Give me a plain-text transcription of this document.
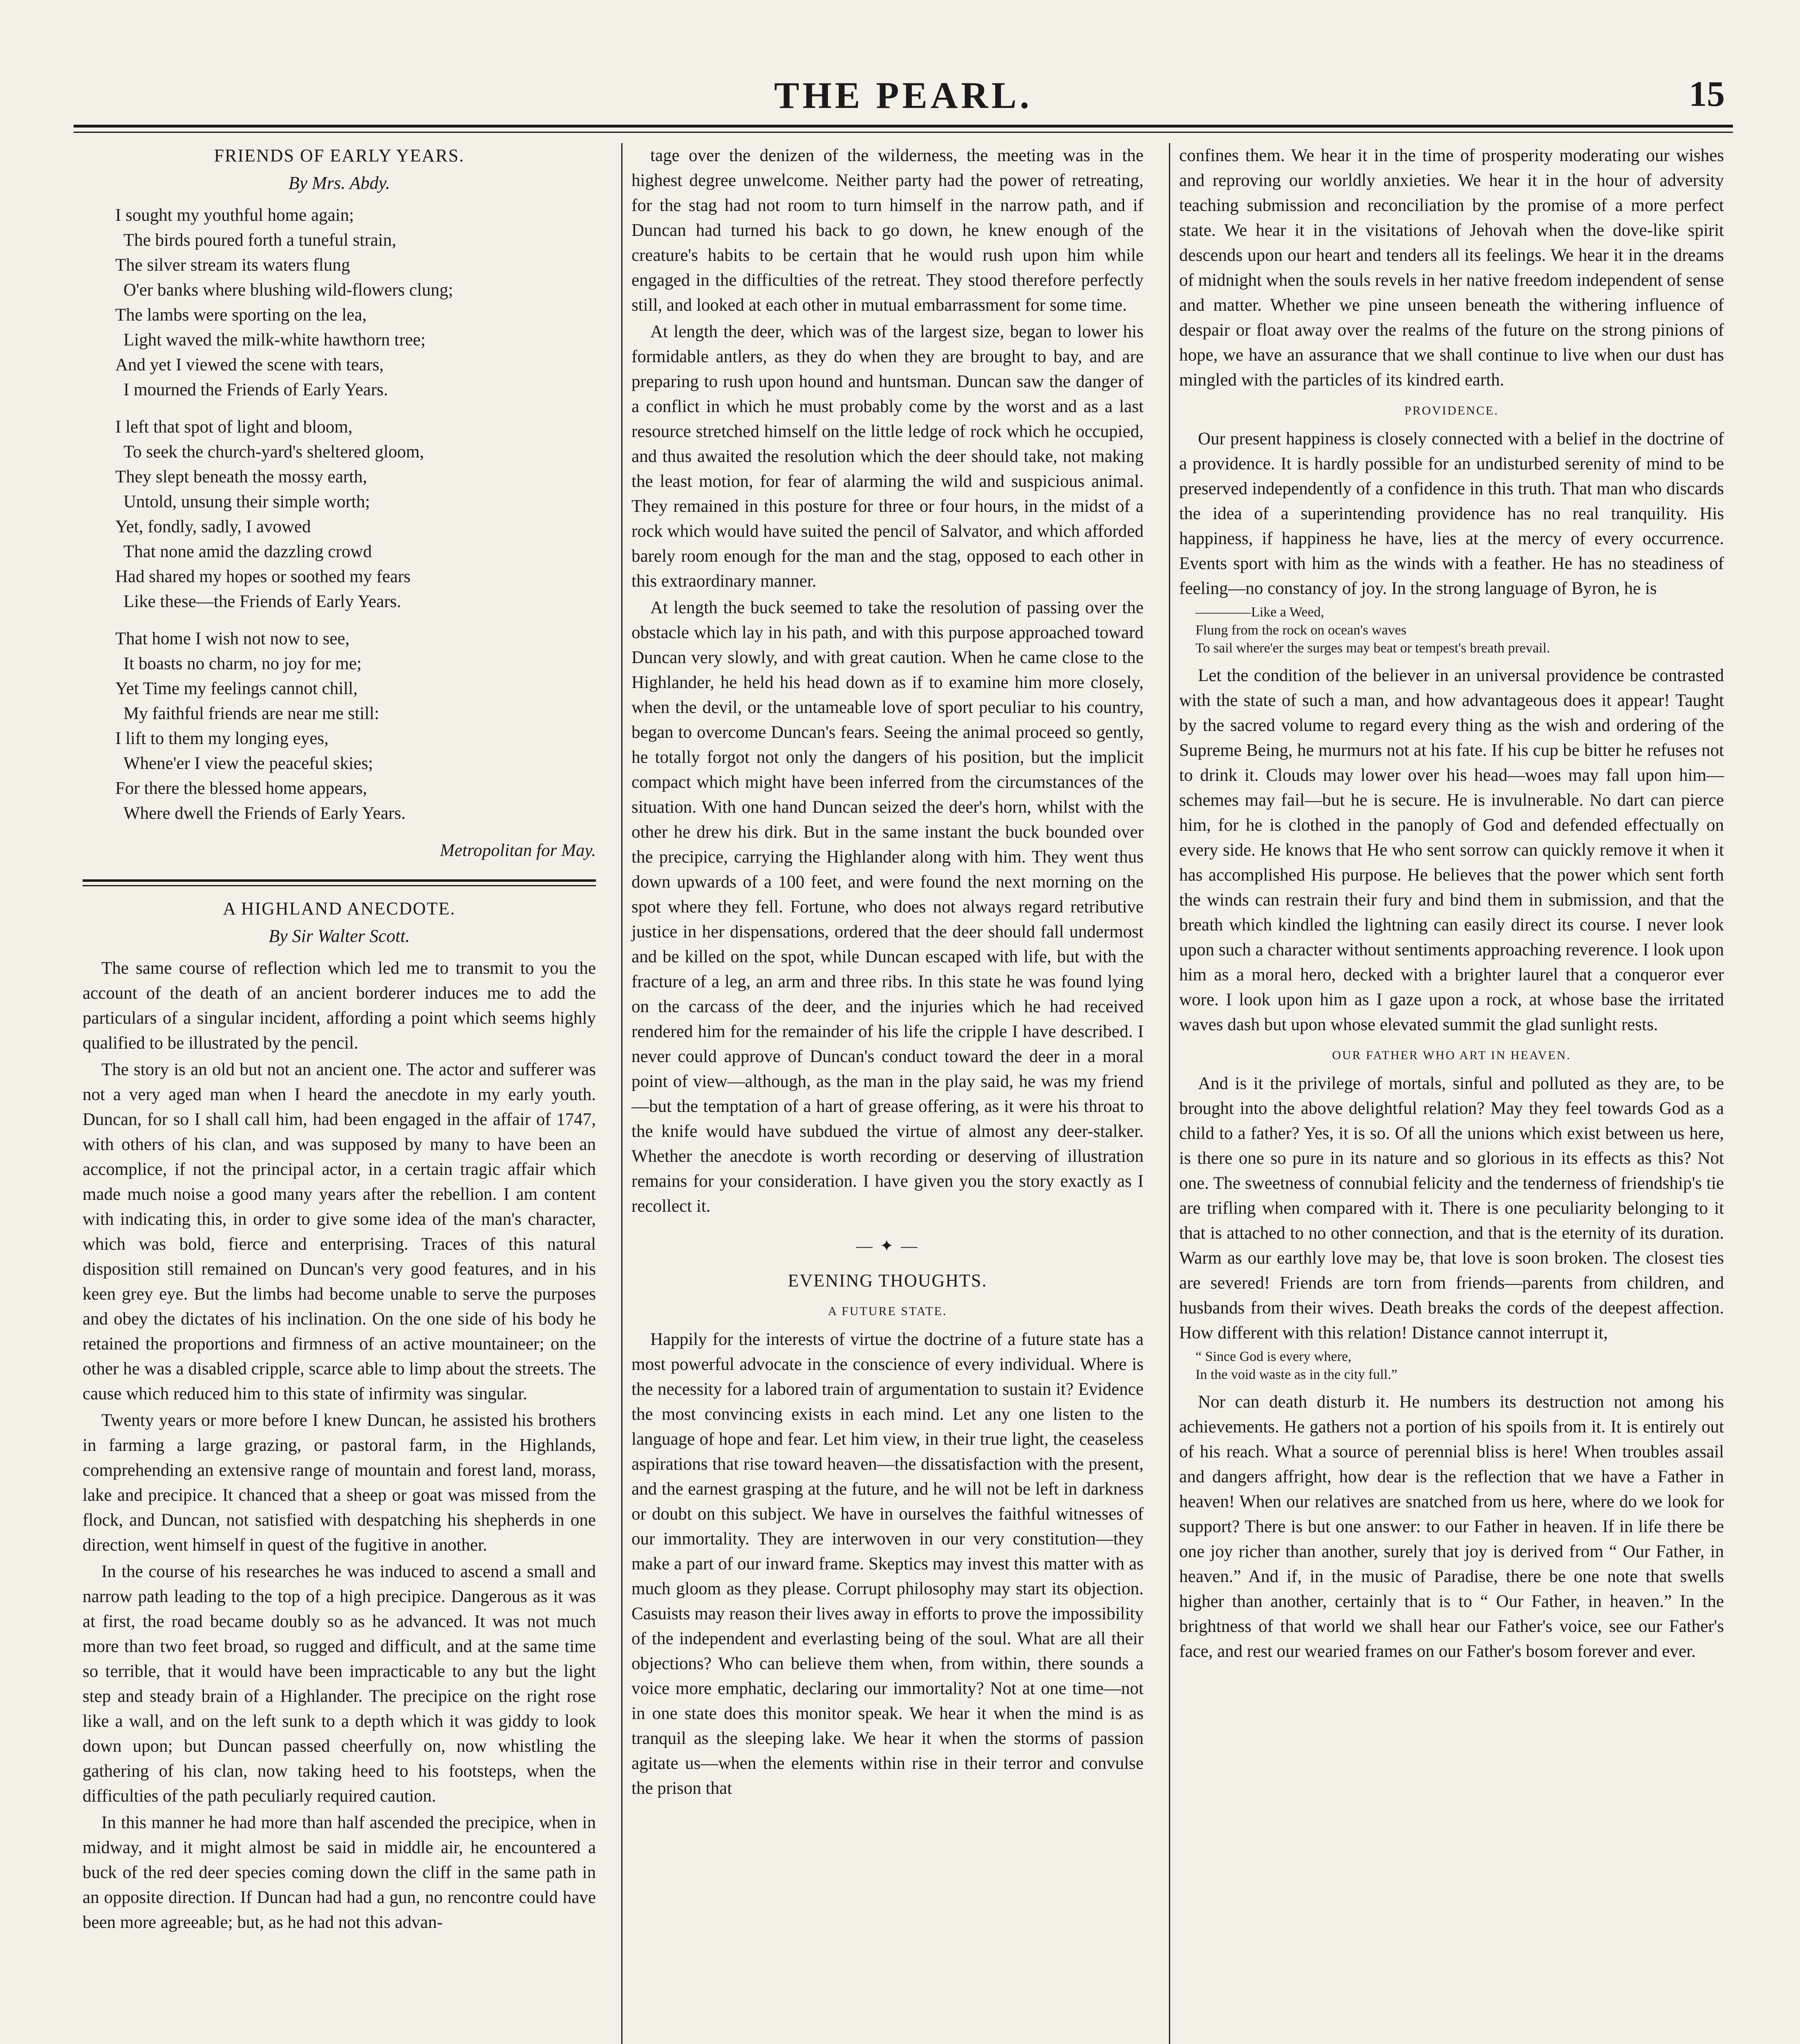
THE PEARL.	15
FRIENDS OF EARLY YEARS.
By Mrs. Abdy.
I sought my youthful home again;
The birds poured forth a tuneful strain,
The silver stream its waters flung
O'er banks where blushing wild-flowers clung;
The lambs were sporting on the lea,
Light waved the milk-white hawthorn tree;
And yet I viewed the scene with tears,
I mourned the Friends of Early Years.
I left that spot of light and bloom,
To seek the church-yard's sheltered gloom,
They slept beneath the mossy earth,
Untold, unsung their simple worth;
Yet, fondly, sadly, I avowed
That none amid the dazzling crowd
Had shared my hopes or soothed my fears
Like these—the Friends of Early Years.
That home I wish not now to see,
It boasts no charm, no joy for me;
Yet Time my feelings cannot chill,
My faithful friends are near me still:
I lift to them my longing eyes,
Whene'er I view the peaceful skies;
For there the blessed home appears,
Where dwell the Friends of Early Years.
Metropolitan for May.
A HIGHLAND ANECDOTE.
By Sir Walter Scott.

The same course of reflection which led me to transmit to you the account of the death of an ancient borderer induces me to add the particulars of a singular incident, affording a point which seems highly qualified to be illustrated by the pencil.

The story is an old but not an ancient one. The actor and sufferer was not a very aged man when I heard the anecdote in my early youth. Duncan, for so I shall call him, had been engaged in the affair of 1747, with others of his clan, and was supposed by many to have been an accomplice, if not the principal actor, in a certain tragic affair which made much noise a good many years after the rebellion. I am content with indicating this, in order to give some idea of the man's character, which was bold, fierce and enterprising. Traces of this natural disposition still remained on Duncan's very good features, and in his keen grey eye. But the limbs had become unable to serve the purposes and obey the dictates of his inclination. On the one side of his body he retained the proportions and firmness of an active mountaineer; on the other he was a disabled cripple, scarce able to limp about the streets. The cause which reduced him to this state of infirmity was singular.

Twenty years or more before I knew Duncan, he assisted his brothers in farming a large grazing, or pastoral farm, in the Highlands, comprehending an extensive range of mountain and forest land, morass, lake and precipice. It chanced that a sheep or goat was missed from the flock, and Duncan, not satisfied with despatching his shepherds in one direction, went himself in quest of the fugitive in another.

In the course of his researches he was induced to ascend a small and narrow path leading to the top of a high precipice. Dangerous as it was at first, the road became doubly so as he advanced. It was not much more than two feet broad, so rugged and difficult, and at the same time so terrible, that it would have been impracticable to any but the light step and steady brain of a Highlander. The precipice on the right rose like a wall, and on the left sunk to a depth which it was giddy to look down upon; but Duncan passed cheerfully on, now whistling the gathering of his clan, now taking heed to his footsteps, when the difficulties of the path peculiarly required caution.

In this manner he had more than half ascended the precipice, when in midway, and it might almost be said in middle air, he encountered a buck of the red deer species coming down the cliff in the same path in an opposite direction. If Duncan had had a gun, no rencontre could have been more agreeable; but, as he had not this advan-

tage over the denizen of the wilderness, the meeting was in the highest degree unwelcome. Neither party had the power of retreating, for the stag had not room to turn himself in the narrow path, and if Duncan had turned his back to go down, he knew enough of the creature's habits to be certain that he would rush upon him while engaged in the difficulties of the retreat. They stood therefore perfectly still, and looked at each other in mutual embarrassment for some time.

At length the deer, which was of the largest size, began to lower his formidable antlers, as they do when they are brought to bay, and are preparing to rush upon hound and huntsman. Duncan saw the danger of a conflict in which he must probably come by the worst and as a last resource stretched himself on the little ledge of rock which he occupied, and thus awaited the resolution which the deer should take, not making the least motion, for fear of alarming the wild and suspicious animal. They remained in this posture for three or four hours, in the midst of a rock which would have suited the pencil of Salvator, and which afforded barely room enough for the man and the stag, opposed to each other in this extraordinary manner.

At length the buck seemed to take the resolution of passing over the obstacle which lay in his path, and with this purpose approached toward Duncan very slowly, and with great caution. When he came close to the Highlander, he held his head down as if to examine him more closely, when the devil, or the untameable love of sport peculiar to his country, began to overcome Duncan's fears. Seeing the animal proceed so gently, he totally forgot not only the dangers of his position, but the implicit compact which might have been inferred from the circumstances of the situation. With one hand Duncan seized the deer's horn, whilst with the other he drew his dirk. But in the same instant the buck bounded over the precipice, carrying the Highlander along with him. They went thus down upwards of a 100 feet, and were found the next morning on the spot where they fell. Fortune, who does not always regard retributive justice in her dispensations, ordered that the deer should fall undermost and be killed on the spot, while Duncan escaped with life, but with the fracture of a leg, an arm and three ribs. In this state he was found lying on the carcass of the deer, and the injuries which he had received rendered him for the remainder of his life the cripple I have described. I never could approve of Duncan's conduct toward the deer in a moral point of view—although, as the man in the play said, he was my friend—but the temptation of a hart of grease offering, as it were his throat to the knife would have subdued the virtue of almost any deer-stalker. Whether the anecdote is worth recording or deserving of illustration remains for your consideration. I have given you the story exactly as I recollect it.

— ✦ —
EVENING THOUGHTS.
A FUTURE STATE.

Happily for the interests of virtue the doctrine of a future state has a most powerful advocate in the conscience of every individual. Where is the necessity for a labored train of argumentation to sustain it? Evidence the most convincing exists in each mind. Let any one listen to the language of hope and fear. Let him view, in their true light, the ceaseless aspirations that rise toward heaven—the dissatisfaction with the present, and the earnest grasping at the future, and he will not be left in darkness or doubt on this subject. We have in ourselves the faithful witnesses of our immortality. They are interwoven in our very constitution—they make a part of our inward frame. Skeptics may invest this matter with as much gloom as they please. Corrupt philosophy may start its objection. Casuists may reason their lives away in efforts to prove the impossibility of the independent and everlasting being of the soul. What are all their objections? Who can believe them when, from within, there sounds a voice more emphatic, declaring our immortality? Not at one time—not in one state does this monitor speak. We hear it when the mind is as tranquil as the sleeping lake. We hear it when the storms of passion agitate us—when the elements within rise in their terror and convulse the prison that

confines them. We hear it in the time of prosperity moderating our wishes and reproving our worldly anxieties. We hear it in the hour of adversity teaching submission and reconciliation by the promise of a more perfect state. We hear it in the visitations of Jehovah when the dove-like spirit descends upon our heart and tenders all its feelings. We hear it in the dreams of midnight when the souls revels in her native freedom independent of sense and matter. Whether we pine unseen beneath the withering influence of despair or float away over the realms of the future on the strong pinions of hope, we have an assurance that we shall continue to live when our dust has mingled with the particles of its kindred earth.

PROVIDENCE.

Our present happiness is closely connected with a belief in the doctrine of a providence. It is hardly possible for an undisturbed serenity of mind to be preserved independently of a confidence in this truth. That man who discards the idea of a superintending providence has no real tranquility. His happiness, if happiness he have, lies at the mercy of every occurrence. Events sport with him as the winds with a feather. He has no steadiness of feeling—no constancy of joy. In the strong language of Byron, he is

————Like a Weed,
Flung from the rock on ocean's waves
To sail where'er the surges may beat or tempest's breath prevail.

Let the condition of the believer in an universal providence be contrasted with the state of such a man, and how advantageous does it appear! Taught by the sacred volume to regard every thing as the wish and ordering of the Supreme Being, he murmurs not at his fate. If his cup be bitter he refuses not to drink it. Clouds may lower over his head—woes may fall upon him—schemes may fail—but he is secure. He is invulnerable. No dart can pierce him, for he is clothed in the panoply of God and defended effectually on every side. He knows that He who sent sorrow can quickly remove it when it has accomplished His purpose. He believes that the power which sent forth the winds can restrain their fury and bind them in submission, and that the breath which kindled the lightning can easily direct its course. I never look upon such a character without sentiments approaching reverence. I look upon him as a moral hero, decked with a brighter laurel that a conqueror ever wore. I look upon him as I gaze upon a rock, at whose base the irritated waves dash but upon whose elevated summit the glad sunlight rests.

OUR FATHER WHO ART IN HEAVEN.

And is it the privilege of mortals, sinful and polluted as they are, to be brought into the above delightful relation? May they feel towards God as a child to a father? Yes, it is so. Of all the unions which exist between us here, is there one so pure in its nature and so glorious in its effects as this? Not one. The sweetness of connubial felicity and the tenderness of friendship's tie are trifling when compared with it. There is one peculiarity belonging to it that is attached to no other connection, and that is the eternity of its duration. Warm as our earthly love may be, that love is soon broken. The closest ties are severed! Friends are torn from friends—parents from children, and husbands from their wives. Death breaks the cords of the deepest affection. How different with this relation! Distance cannot interrupt it,

“ Since God is every where,
In the void waste as in the city full.”

Nor can death disturb it. He numbers its destruction not among his achievements. He gathers not a portion of his spoils from it. It is entirely out of his reach. What a source of perennial bliss is here! When troubles assail and dangers affright, how dear is the reflection that we have a Father in heaven! When our relatives are snatched from us here, where do we look for support? There is but one answer: to our Father in heaven. If in life there be one joy richer than another, surely that joy is derived from “ Our Father, in heaven.” And if, in the music of Paradise, there be one note that swells higher than another, certainly that is to “ Our Father, in heaven.” In the brightness of that world we shall hear our Father's voice, see our Father's face, and rest our wearied frames on our Father's bosom forever and ever.
